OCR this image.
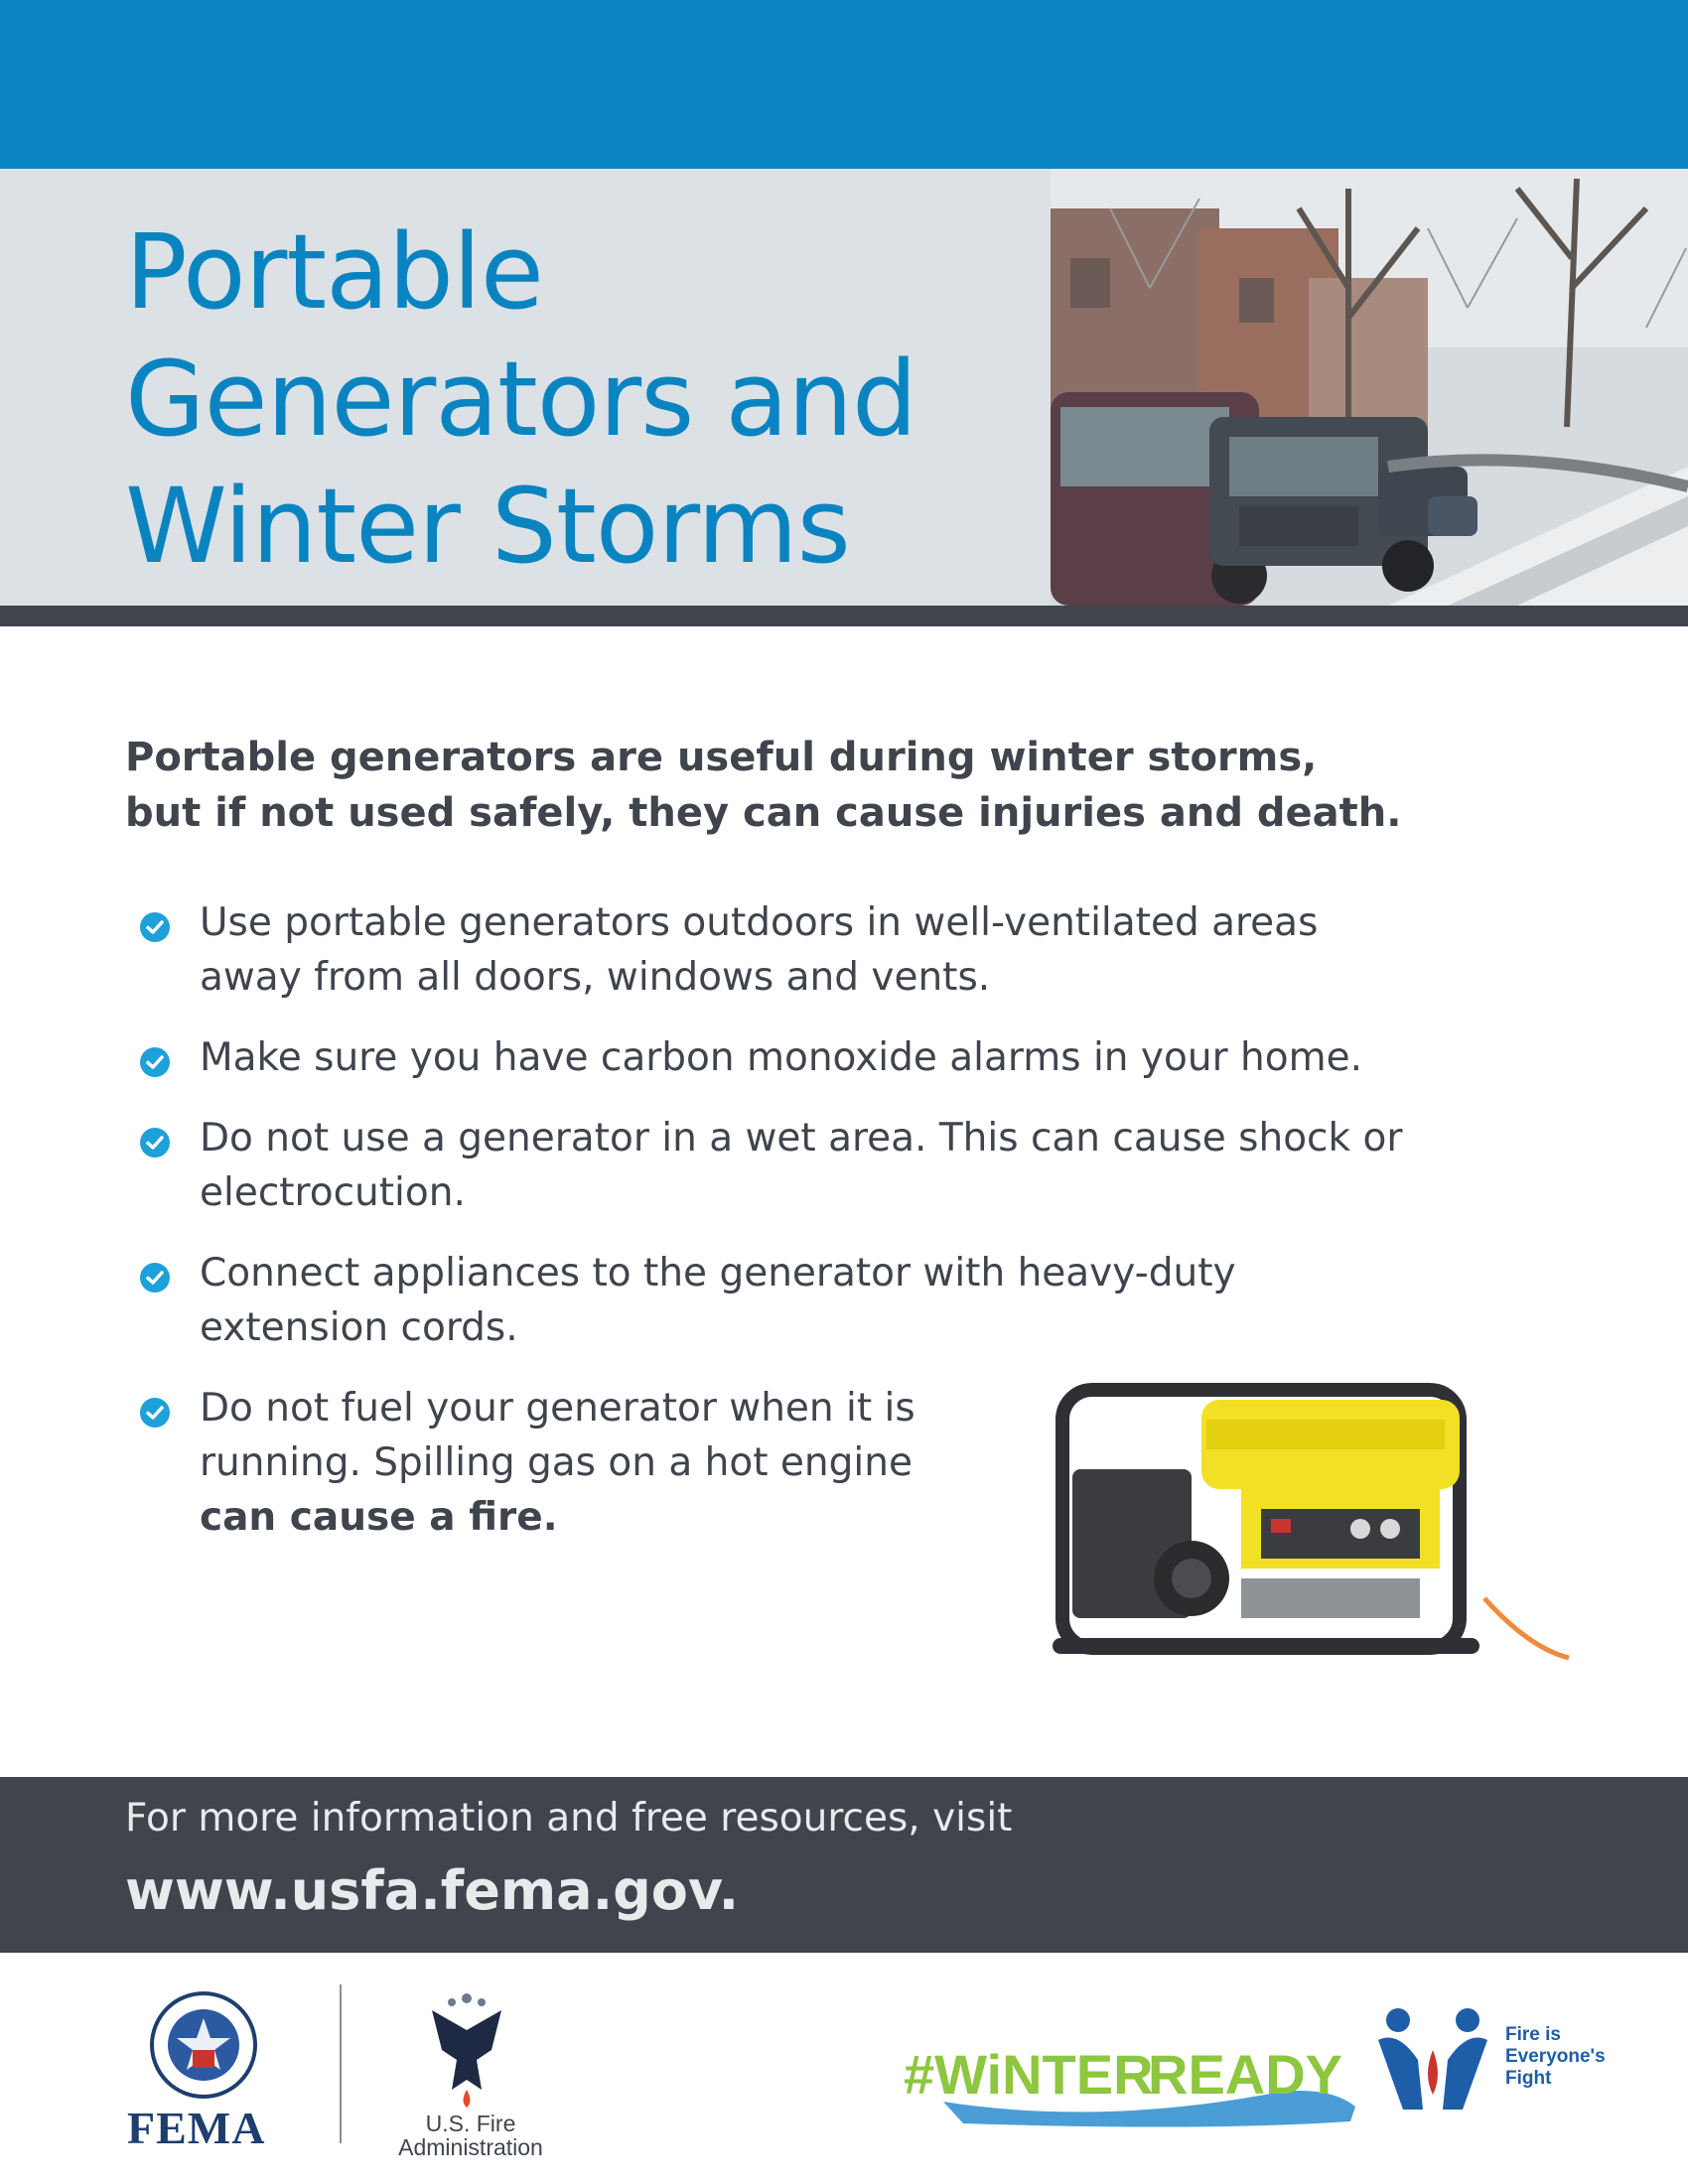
Portable
Generators and
Winter Storms
Portable generators are useful during winter storms,
but if not used safely, they can cause injuries and death.
Use portable generators outdoors in well-ventilated areas
away from all doors, windows and vents.
Make sure you have carbon monoxide alarms in your home.
Do not use a generator in a wet area. This can cause shock or
electrocution.
Connect appliances to the generator with heavy-duty
extension cords.
Do not fuel your generator when it is
running. Spilling gas on a hot engine
can cause a fire.

For more information and free resources, visit

www.usfa.fema.gov.

FEMA	U.S. Fire
Administration

#WiNTER
READY
Fire is
Everyone's
Fight
